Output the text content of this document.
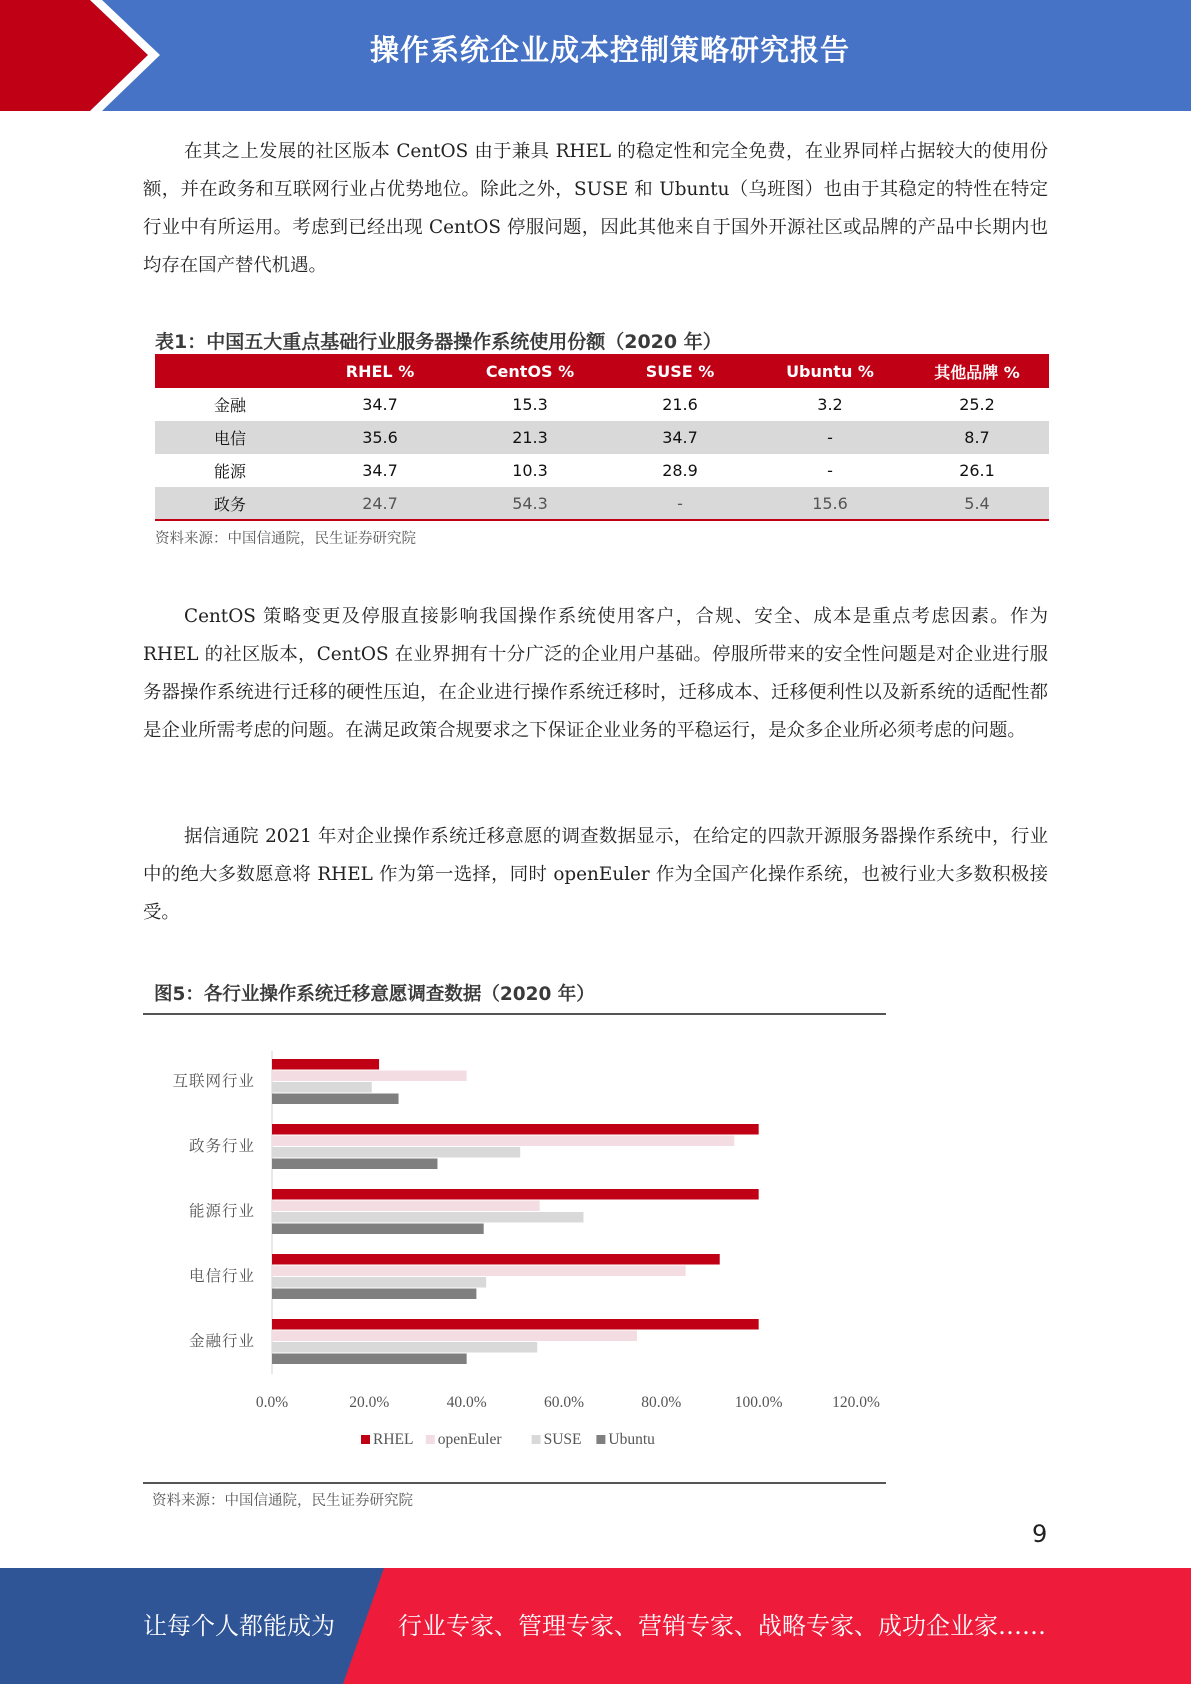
操作系统企业成本控制策略研究报告

在其之上发展的社区版本 CentOS 由于兼具 RHEL 的稳定性和完全免费，在业界同样占据较大的使用份额，并在政务和互联网行业占优势地位。除此之外，SUSE 和 Ubuntu（乌班图）也由于其稳定的特性在特定行业中有所运用。考虑到已经出现 CentOS 停服问题，因此其他来自于国外开源社区或品牌的产品中长期内也均存在国产替代机遇。

表1：中国五大重点基础行业服务器操作系统使用份额（2020 年）
	RHEL %	CentOS %	SUSE %	Ubuntu %	其他品牌 %
金融	34.7	15.3	21.6	3.2	25.2
电信	35.6	21.3	34.7	-	8.7
能源	34.7	10.3	28.9	-	26.1
政务	24.7	54.3	-	15.6	5.4
资料来源：中国信通院，民生证券研究院

CentOS 策略变更及停服直接影响我国操作系统使用客户，合规、安全、成本是重点考虑因素。作为 RHEL 的社区版本，CentOS 在业界拥有十分广泛的企业用户基础。停服所带来的安全性问题是对企业进行服务器操作系统进行迁移的硬性压迫，在企业进行操作系统迁移时，迁移成本、迁移便利性以及新系统的适配性都是企业所需考虑的问题。在满足政策合规要求之下保证企业业务的平稳运行，是众多企业所必须考虑的问题。

据信通院 2021 年对企业操作系统迁移意愿的调查数据显示，在给定的四款开源服务器操作系统中，行业中的绝大多数愿意将 RHEL 作为第一选择，同时 openEuler 作为全国产化操作系统，也被行业大多数积极接受。

图5：各行业操作系统迁移意愿调查数据（2020 年）
互联网行业
政务行业
能源行业
电信行业
金融行业
0.0%	20.0%	40.0%	60.0%	80.0%	100.0%	120.0%
RHEL openEuler	SUSE Ubuntu
资料来源：中国信通院，民生证券研究院
9
让每个人都能成为	行业专家、管理专家、营销专家、战略专家、成功企业家……
